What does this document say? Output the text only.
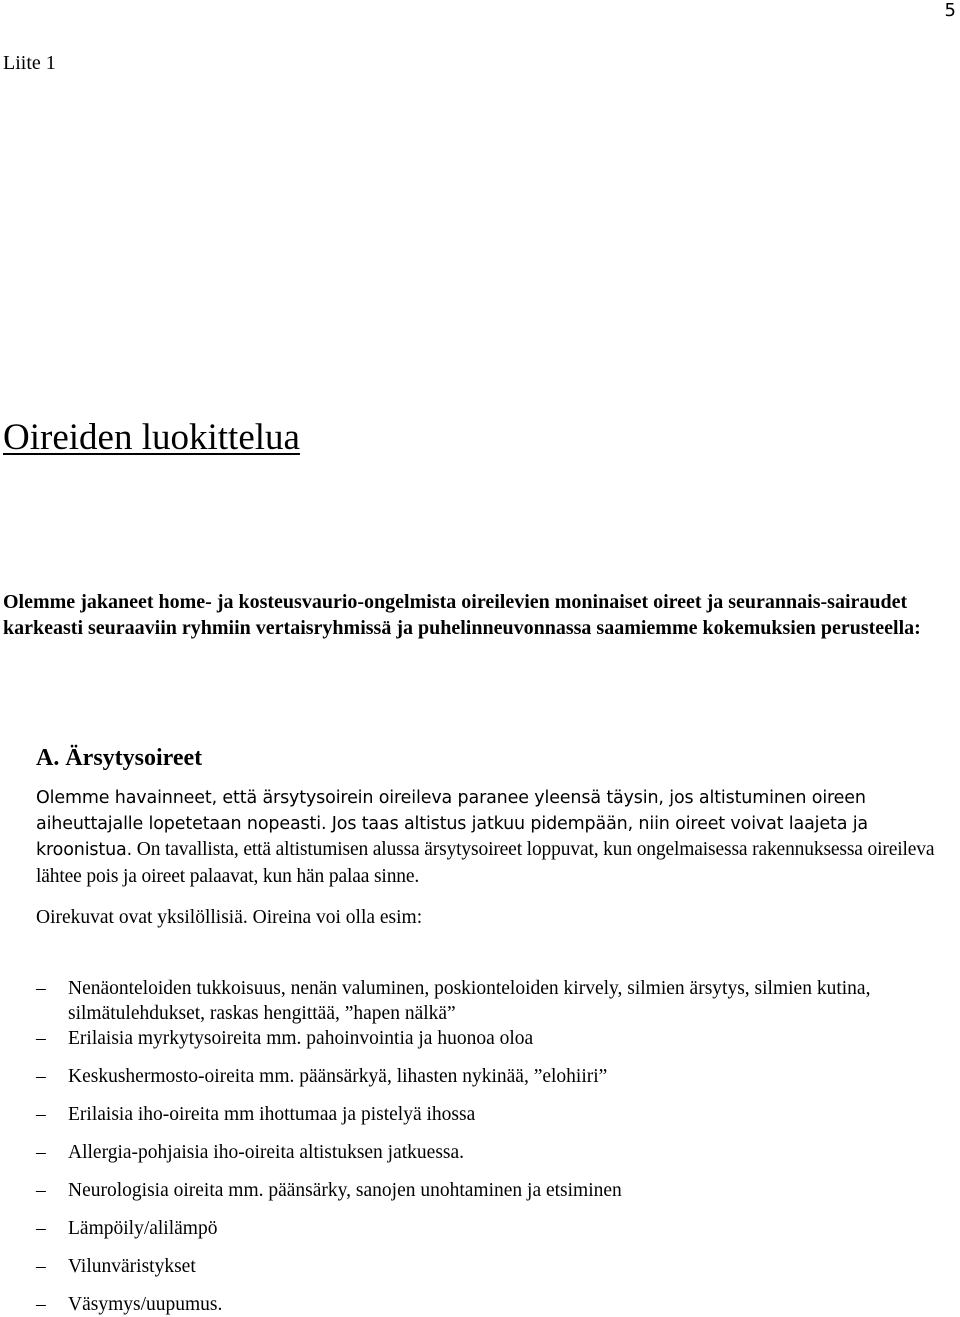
5
Liite 1
Oireiden luokittelua

Olemme jakaneet home- ja kosteusvaurio-ongelmista oireilevien moninaiset oireet ja seurannais-sairaudet karkeasti seuraaviin ryhmiin vertaisryhmissä ja puhelinneuvonnassa saamiemme kokemuksien perusteella:

A. Ärsytysoireet

Olemme havainneet, että ärsytysoirein oireileva paranee yleensä täysin, jos altistuminen oireen aiheuttajalle lopetetaan nopeasti. Jos taas altistus jatkuu pidempään, niin oireet voivat laajeta ja kroonistua. On tavallista, että altistumisen alussa ärsytysoireet loppuvat, kun ongelmaisessa rakennuksessa oireileva lähtee pois ja oireet palaavat, kun hän palaa sinne.

Oirekuvat ovat yksilöllisiä. Oireina voi olla esim:

–	Nenäonteloiden tukkoisuus, nenän valuminen, poskionteloiden kirvely, silmien ärsytys, silmien kutina, silmätulehdukset, raskas hengittää, ”hapen nälkä”
–	Erilaisia myrkytysoireita mm. pahoinvointia ja huonoa oloa
–	Keskushermosto-oireita mm. päänsärkyä, lihasten nykinää, ”elohiiri”
–	Erilaisia iho-oireita mm ihottumaa ja pistelyä ihossa
–	Allergia-pohjaisia iho-oireita altistuksen jatkuessa.
–	Neurologisia oireita mm. päänsärky, sanojen unohtaminen ja etsiminen
–	Lämpöily/alilämpö
–	Vilunväristykset
–	Väsymys/uupumus.
